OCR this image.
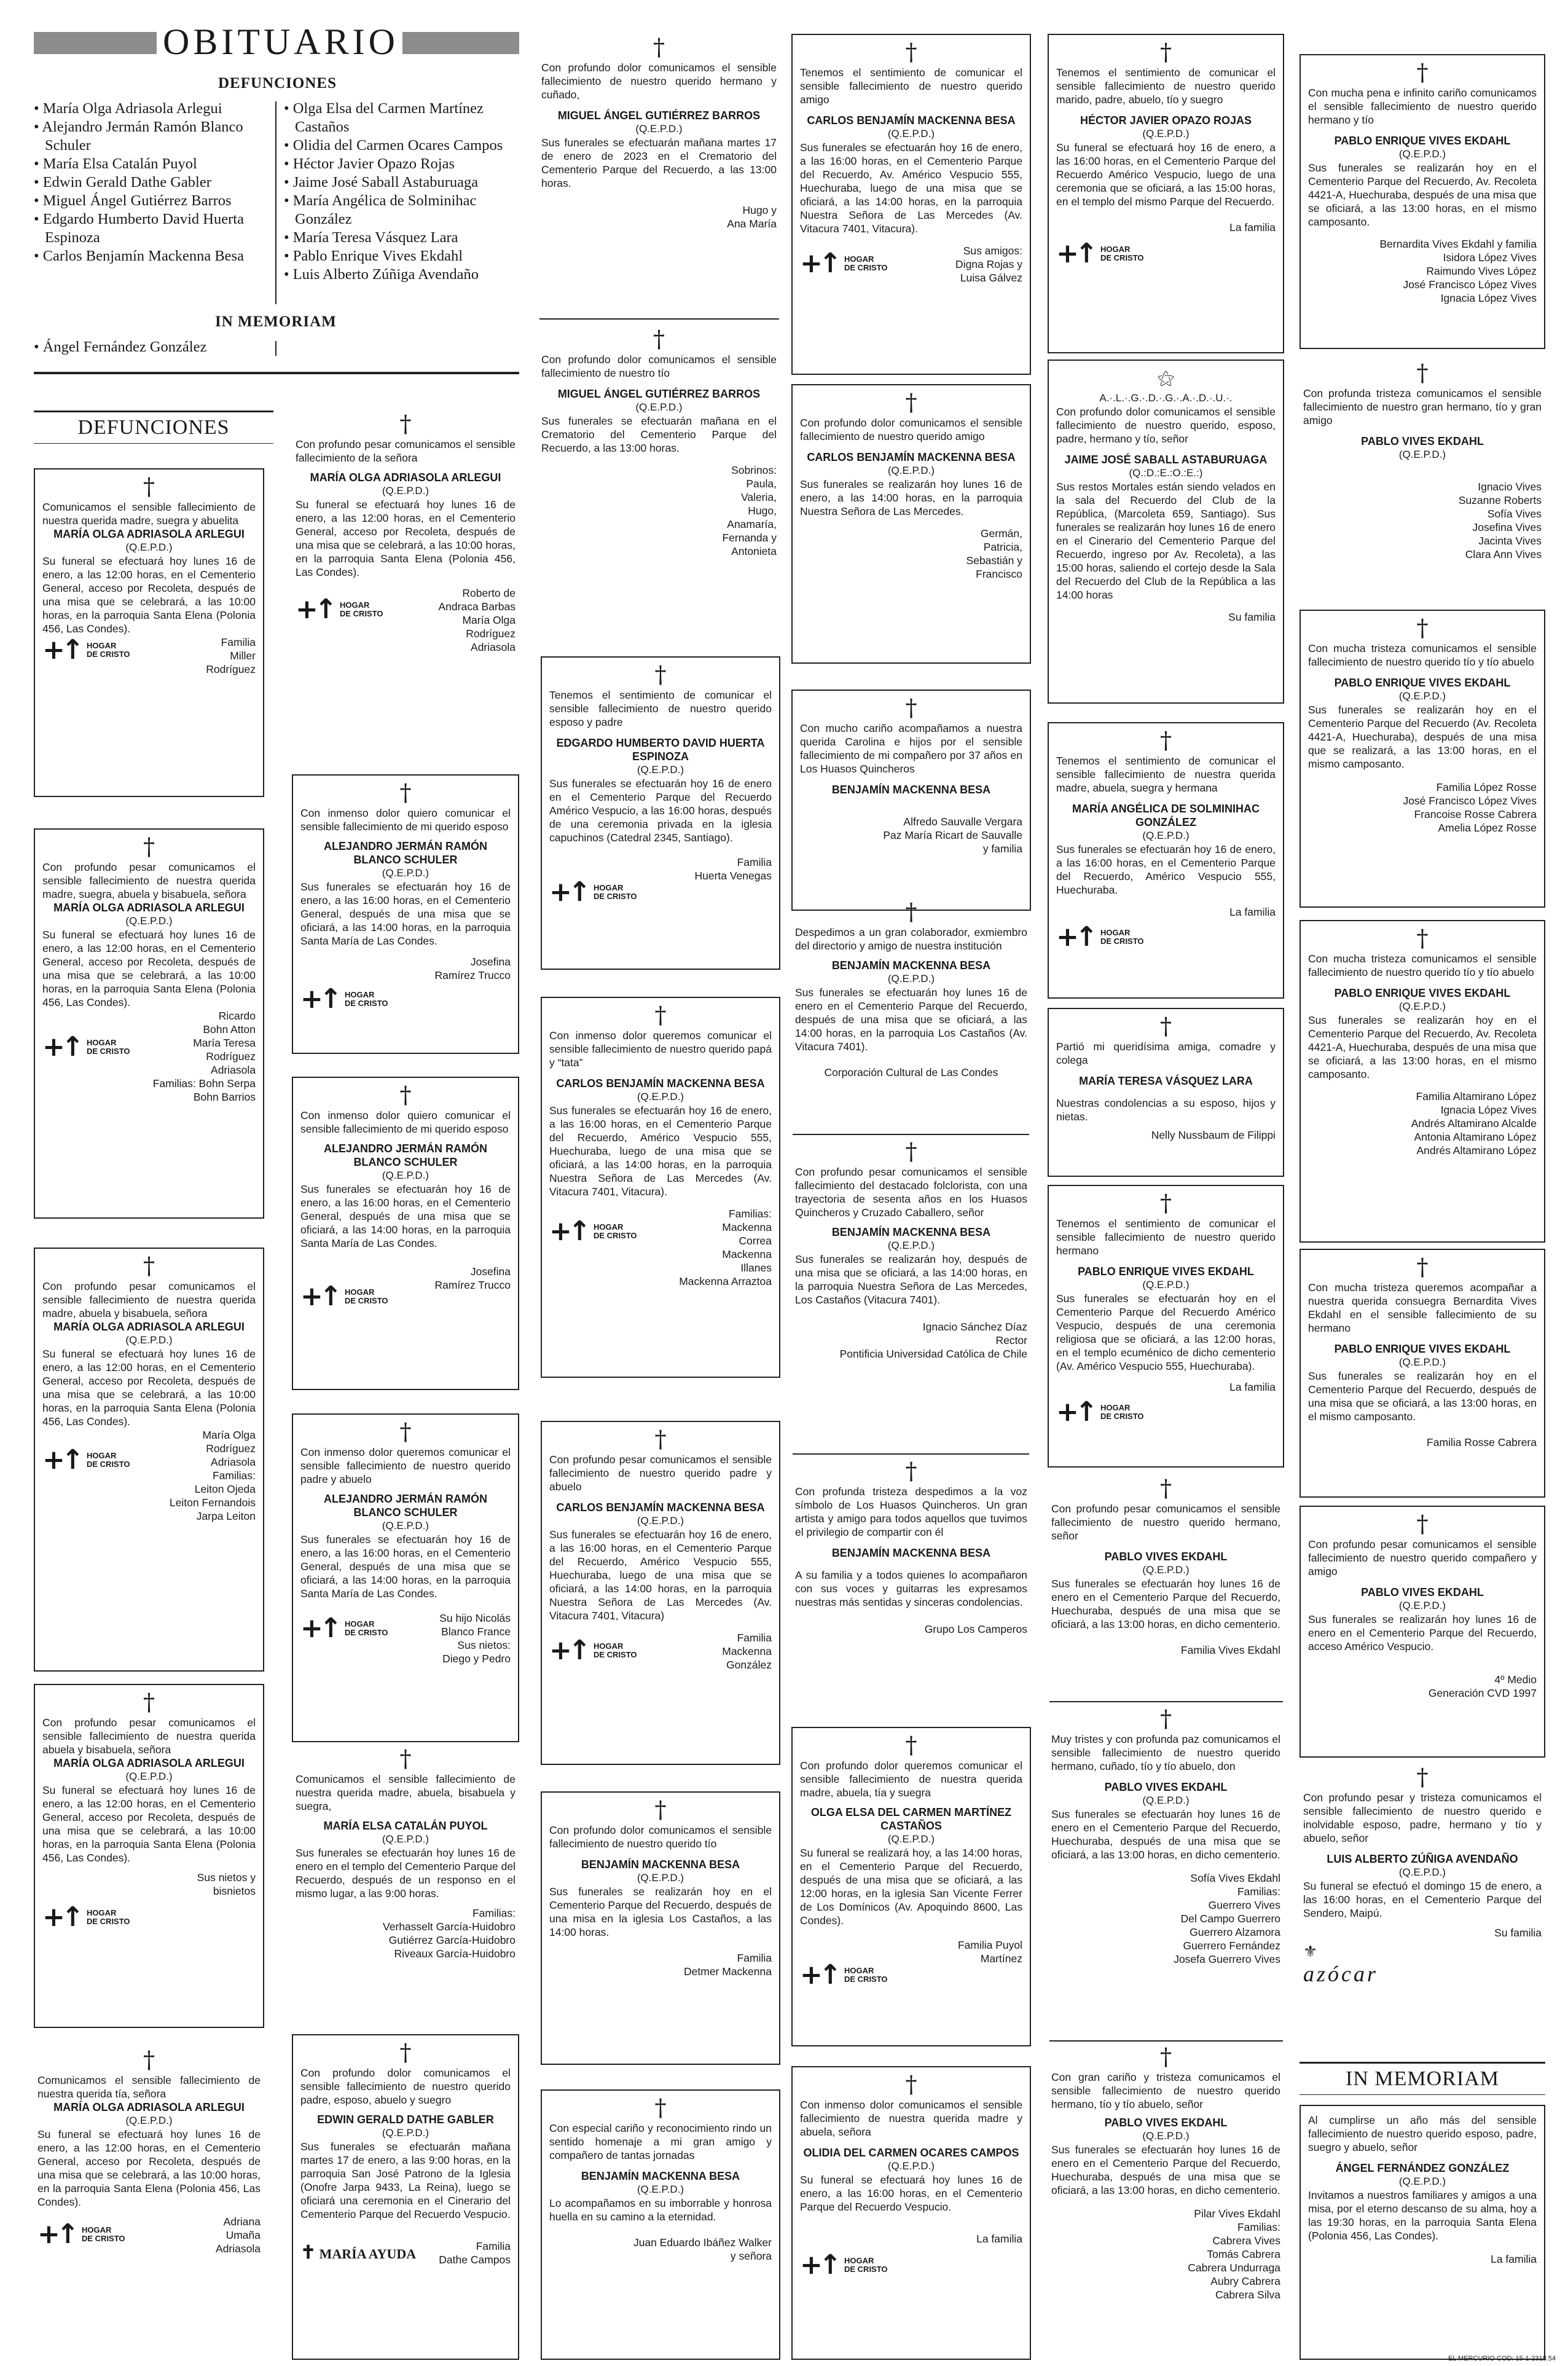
OBITUARIO
DEFUNCIONES
• María Olga Adriasola Arlegui
• Alejandro Jermán Ramón Blanco Schuler
• María Elsa Catalán Puyol
• Edwin Gerald Dathe Gabler
• Miguel Ángel Gutiérrez Barros
• Edgardo Humberto David Huerta Espinoza
• Carlos Benjamín Mackenna Besa
• Olga Elsa del Carmen Martínez Castaños
• Olidia del Carmen Ocares Campos
• Héctor Javier Opazo Rojas
• Jaime José Saball Astaburuaga
• María Angélica de Solminihac González
• María Teresa Vásquez Lara
• Pablo Enrique Vives Ekdahl
• Luis Alberto Zúñiga Avendaño
IN MEMORIAM
• Ángel Fernández González
DEFUNCIONES
IN MEMORIAM
†

Comunicamos el sensible fallecimiento de nuestra querida madre, suegra y abuelita

MARÍA OLGA ADRIASOLA ARLEGUI
(Q.E.P.D.)

Su funeral se efectuará hoy lunes 16 de enero, a las 12:00 horas, en el Cementerio General, acceso por Recoleta, después de una misa que se celebrará, a las 10:00 horas, en la parroquia Santa Elena (Polonia 456, Las Condes).

Familia
Miller
Rodríguez
+↑ HOGAR
DE CRISTO
†

Con profundo pesar comunicamos el sensible fallecimiento de nuestra querida madre, suegra, abuela y bisabuela, señora

MARÍA OLGA ADRIASOLA ARLEGUI
(Q.E.P.D.)

Su funeral se efectuará hoy lunes 16 de enero, a las 12:00 horas, en el Cementerio General, acceso por Recoleta, después de una misa que se celebrará, a las 10:00 horas, en la parroquia Santa Elena (Polonia 456, Las Condes).

Ricardo
Bohn Atton
María Teresa
Rodríguez
Adriasola
Familias: Bohn Serpa
Bohn Barrios
+↑ HOGAR
DE CRISTO
†

Con profundo pesar comunicamos el sensible fallecimiento de nuestra querida madre, abuela y bisabuela, señora

MARÍA OLGA ADRIASOLA ARLEGUI
(Q.E.P.D.)

Su funeral se efectuará hoy lunes 16 de enero, a las 12:00 horas, en el Cementerio General, acceso por Recoleta, después de una misa que se celebrará, a las 10:00 horas, en la parroquia Santa Elena (Polonia 456, Las Condes).

María Olga
Rodríguez
Adriasola
Familias:
Leiton Ojeda
Leiton Fernandois
Jarpa Leiton
+↑ HOGAR
DE CRISTO
†

Con profundo pesar comunicamos el sensible fallecimiento de nuestra querida abuela y bisabuela, señora

MARÍA OLGA ADRIASOLA ARLEGUI
(Q.E.P.D.)

Su funeral se efectuará hoy lunes 16 de enero, a las 12:00 horas, en el Cementerio General, acceso por Recoleta, después de una misa que se celebrará, a las 10:00 horas, en la parroquia Santa Elena (Polonia 456, Las Condes).

Sus nietos y
bisnietos
+↑ HOGAR
DE CRISTO
†

Comunicamos el sensible fallecimiento de nuestra querida tía, señora

MARÍA OLGA ADRIASOLA ARLEGUI
(Q.E.P.D.)

Su funeral se efectuará hoy lunes 16 de enero, a las 12:00 horas, en el Cementerio General, acceso por Recoleta, después de una misa que se celebrará, a las 10:00 horas, en la parroquia Santa Elena (Polonia 456, Las Condes).

Adriana
Umaña
Adriasola
+↑ HOGAR
DE CRISTO
†

Con profundo pesar comunicamos el sensible fallecimiento de la señora

MARÍA OLGA ADRIASOLA ARLEGUI
(Q.E.P.D.)

Su funeral se efectuará hoy lunes 16 de enero, a las 12:00 horas, en el Cementerio General, acceso por Recoleta, después de una misa que se celebrará, a las 10:00 horas, en la parroquia Santa Elena (Polonia 456, Las Condes).

Roberto de
Andraca Barbas
María Olga
Rodríguez
Adriasola
+↑ HOGAR
DE CRISTO
†

Con inmenso dolor quiero comunicar el sensible fallecimiento de mi querido esposo

ALEJANDRO JERMÁN RAMÓN BLANCO SCHULER
(Q.E.P.D.)

Sus funerales se efectuarán hoy 16 de enero, a las 16:00 horas, en el Cementerio General, después de una misa que se oficiará, a las 14:00 horas, en la parroquia Santa María de Las Condes.

Josefina
Ramírez Trucco
+↑ HOGAR
DE CRISTO
†

Con inmenso dolor quiero comunicar el sensible fallecimiento de mi querido esposo

ALEJANDRO JERMÁN RAMÓN BLANCO SCHULER
(Q.E.P.D.)

Sus funerales se efectuarán hoy 16 de enero, a las 16:00 horas, en el Cementerio General, después de una misa que se oficiará, a las 14:00 horas, en la parroquia Santa María de Las Condes.

Josefina
Ramírez Trucco
+↑ HOGAR
DE CRISTO
†

Con inmenso dolor queremos comunicar el sensible fallecimiento de nuestro querido padre y abuelo

ALEJANDRO JERMÁN RAMÓN BLANCO SCHULER
(Q.E.P.D.)

Sus funerales se efectuarán hoy 16 de enero, a las 16:00 horas, en el Cementerio General, después de una misa que se oficiará, a las 14:00 horas, en la parroquia Santa María de Las Condes.

Su hijo Nicolás
Blanco France
Sus nietos:
Diego y Pedro
+↑ HOGAR
DE CRISTO
†

Comunicamos el sensible fallecimiento de nuestra querida madre, abuela, bisabuela y suegra,

MARÍA ELSA CATALÁN PUYOL
(Q.E.P.D.)

Sus funerales se efectuarán hoy lunes 16 de enero en el templo del Cementerio Parque del Recuerdo, después de un responso en el mismo lugar, a las 9:00 horas.

Familias:
Verhasselt García-Huidobro
Gutiérrez García-Huidobro
Riveaux García-Huidobro
†

Con profundo dolor comunicamos el sensible fallecimiento de nuestro querido padre, esposo, abuelo y suegro

EDWIN GERALD DATHE GABLER
(Q.E.P.D.)

Sus funerales se efectuarán mañana martes 17 de enero, a las 9:00 horas, en la parroquia San José Patrono de la Iglesia (Onofre Jarpa 9433, La Reina), luego se oficiará una ceremonia en el Cinerario del Cementerio Parque del Recuerdo Vespucio.

Familia
Dathe Campos
✝ MARÍA AYUDA
†

Con profundo dolor comunicamos el sensible fallecimiento de nuestro querido hermano y cuñado,

MIGUEL ÁNGEL GUTIÉRREZ BARROS
(Q.E.P.D.)

Sus funerales se efectuarán mañana martes 17 de enero de 2023 en el Crematorio del Cementerio Parque del Recuerdo, a las 13:00 horas.

Hugo y
Ana María
†

Con profundo dolor comunicamos el sensible fallecimiento de nuestro tío

MIGUEL ÁNGEL GUTIÉRREZ BARROS
(Q.E.P.D.)

Sus funerales se efectuarán mañana en el Crematorio del Cementerio Parque del Recuerdo, a las 13:00 horas.

Sobrinos:
Paula,
Valeria,
Hugo,
Anamaría,
Fernanda y
Antonieta
†

Tenemos el sentimiento de comunicar el sensible fallecimiento de nuestro querido esposo y padre

EDGARDO HUMBERTO DAVID HUERTA ESPINOZA
(Q.E.P.D.)

Sus funerales se efectuarán hoy 16 de enero en el Cementerio Parque del Recuerdo Américo Vespucio, a las 16:00 horas, después de una ceremonia privada en la iglesia capuchinos (Catedral 2345, Santiago).

Familia
Huerta Venegas
+↑ HOGAR
DE CRISTO
†

Con inmenso dolor queremos comunicar el sensible fallecimiento de nuestro querido papá y “tata”

CARLOS BENJAMÍN MACKENNA BESA
(Q.E.P.D.)

Sus funerales se efectuarán hoy 16 de enero, a las 16:00 horas, en el Cementerio Parque del Recuerdo, Américo Vespucio 555, Huechuraba, luego de una misa que se oficiará, a las 14:00 horas, en la parroquia Nuestra Señora de Las Mercedes (Av. Vitacura 7401, Vitacura).

Familias:
Mackenna
Correa
Mackenna
Illanes
Mackenna Arraztoa
+↑ HOGAR
DE CRISTO
†

Con profundo pesar comunicamos el sensible fallecimiento de nuestro querido padre y abuelo

CARLOS BENJAMÍN MACKENNA BESA
(Q.E.P.D.)

Sus funerales se efectuarán hoy 16 de enero, a las 16:00 horas, en el Cementerio Parque del Recuerdo, Américo Vespucio 555, Huechuraba, luego de una misa que se oficiará, a las 14:00 horas, en la parroquia Nuestra Señora de Las Mercedes (Av. Vitacura 7401, Vitacura)

Familia
Mackenna
González
+↑ HOGAR
DE CRISTO
†

Con profundo dolor comunicamos el sensible fallecimiento de nuestro querido tío

BENJAMÍN MACKENNA BESA
(Q.E.P.D.)

Sus funerales se realizarán hoy en el Cementerio Parque del Recuerdo, después de una misa en la iglesia Los Castaños, a las 14:00 horas.

Familia
Detmer Mackenna
†

Con especial cariño y reconocimiento rindo un sentido homenaje a mi gran amigo y compañero de tantas jornadas

BENJAMÍN MACKENNA BESA
(Q.E.P.D.)

Lo acompañamos en su imborrable y honrosa huella en su camino a la eternidad.

Juan Eduardo Ibáñez Walker
y señora
†

Tenemos el sentimiento de comunicar el sensible fallecimiento de nuestro querido amigo

CARLOS BENJAMÍN MACKENNA BESA
(Q.E.P.D.)

Sus funerales se efectuarán hoy 16 de enero, a las 16:00 horas, en el Cementerio Parque del Recuerdo, Av. Américo Vespucio 555, Huechuraba, luego de una misa que se oficiará, a las 14:00 horas, en la parroquia Nuestra Señora de Las Mercedes (Av. Vitacura 7401, Vitacura).

Sus amigos:
Digna Rojas y
Luisa Gálvez
+↑ HOGAR
DE CRISTO
†

Con profundo dolor comunicamos el sensible fallecimiento de nuestro querido amigo

CARLOS BENJAMÍN MACKENNA BESA
(Q.E.P.D.)

Sus funerales se realizarán hoy lunes 16 de enero, a las 14:00 horas, en la parroquia Nuestra Señora de Las Mercedes.

Germán,
Patricia,
Sebastián y
Francisco
†

Con mucho cariño acompañamos a nuestra querida Carolina e hijos por el sensible fallecimiento de mi compañero por 37 años en Los Huasos Quincheros

BENJAMÍN MACKENNA BESA
Alfredo Sauvalle Vergara
Paz María Ricart de Sauvalle
y familia
†

Despedimos a un gran colaborador, exmiembro del directorio y amigo de nuestra institución

BENJAMÍN MACKENNA BESA
(Q.E.P.D.)

Sus funerales se efectuarán hoy lunes 16 de enero en el Cementerio Parque del Recuerdo, después de una misa que se oficiará, a las 14:00 horas, en la parroquia Los Castaños (Av. Vitacura 7401).

Corporación Cultural de Las Condes
†

Con profundo pesar comunicamos el sensible fallecimiento del destacado folclorista, con una trayectoria de sesenta años en los Huasos Quincheros y Cruzado Caballero, señor

BENJAMÍN MACKENNA BESA
(Q.E.P.D.)

Sus funerales se realizarán hoy, después de una misa que se oficiará, a las 14:00 horas, en la parroquia Nuestra Señora de Las Mercedes, Los Castaños (Vitacura 7401).

Ignacio Sánchez Díaz
Rector
Pontificia Universidad Católica de Chile
†

Con profunda tristeza despedimos a la voz símbolo de Los Huasos Quincheros. Un gran artista y amigo para todos aquellos que tuvimos el privilegio de compartir con él

BENJAMÍN MACKENNA BESA

A su familia y a todos quienes lo acompañaron con sus voces y guitarras les expresamos nuestras más sentidas y sinceras condolencias.

Grupo Los Camperos
†

Con profundo dolor queremos comunicar el sensible fallecimiento de nuestra querida madre, abuela, tía y suegra

OLGA ELSA DEL CARMEN MARTÍNEZ CASTAÑOS
(Q.E.P.D.)

Su funeral se realizará hoy, a las 14:00 horas, en el Cementerio Parque del Recuerdo, después de una misa que se oficiará, a las 12:00 horas, en la iglesia San Vicente Ferrer de Los Domínicos (Av. Apoquindo 8600, Las Condes).

Familia Puyol
Martínez
+↑ HOGAR
DE CRISTO
†

Con inmenso dolor comunicamos el sensible fallecimiento de nuestra querida madre y abuela, señora

OLIDIA DEL CARMEN OCARES CAMPOS
(Q.E.P.D.)

Su funeral se efectuará hoy lunes 16 de enero, a las 16:00 horas, en el Cementerio Parque del Recuerdo Vespucio.

La familia
+↑ HOGAR
DE CRISTO
†

Tenemos el sentimiento de comunicar el sensible fallecimiento de nuestro querido marido, padre, abuelo, tío y suegro

HÉCTOR JAVIER OPAZO ROJAS
(Q.E.P.D.)

Su funeral se efectuará hoy 16 de enero, a las 16:00 horas, en el Cementerio Parque del Recuerdo Américo Vespucio, luego de una ceremonia que se oficiará, a las 15:00 horas, en el templo del mismo Parque del Recuerdo.

La familia
+↑ HOGAR
DE CRISTO
⚝
A.·.L.·.G.·.D.·.G.·.A.·.D.·.U.·.

Con profundo dolor comunicamos el sensible fallecimiento de nuestro querido, esposo, padre, hermano y tío, señor

JAIME JOSÉ SABALL ASTABURUAGA
(Q.:D.:E.:O.:E.:)

Sus restos Mortales están siendo velados en la sala del Recuerdo del Club de la República, (Marcoleta 659, Santiago). Sus funerales se realizarán hoy lunes 16 de enero en el Cinerario del Cementerio Parque del Recuerdo, ingreso por Av. Recoleta), a las 15:00 horas, saliendo el cortejo desde la Sala del Recuerdo del Club de la República a las 14:00 horas

Su familia
†

Tenemos el sentimiento de comunicar el sensible fallecimiento de nuestra querida madre, abuela, suegra y hermana

MARÍA ANGÉLICA DE SOLMINIHAC GONZÁLEZ
(Q.E.P.D.)

Sus funerales se efectuarán hoy 16 de enero, a las 16:00 horas, en el Cementerio Parque del Recuerdo, Américo Vespucio 555, Huechuraba.

La familia
+↑ HOGAR
DE CRISTO
†

Partió mi queridísima amiga, comadre y colega

MARÍA TERESA VÁSQUEZ LARA

Nuestras condolencias a su esposo, hijos y nietas.

Nelly Nussbaum de Filippi
†

Tenemos el sentimiento de comunicar el sensible fallecimiento de nuestro querido hermano

PABLO ENRIQUE VIVES EKDAHL
(Q.E.P.D.)

Sus funerales se efectuarán hoy en el Cementerio Parque del Recuerdo Américo Vespucio, después de una ceremonia religiosa que se oficiará, a las 12:00 horas, en el templo ecuménico de dicho cementerio (Av. Américo Vespucio 555, Huechuraba).

La familia
+↑ HOGAR
DE CRISTO
†

Con profundo pesar comunicamos el sensible fallecimiento de nuestro querido hermano, señor

PABLO VIVES EKDAHL
(Q.E.P.D.)

Sus funerales se efectuarán hoy lunes 16 de enero en el Cementerio Parque del Recuerdo, Huechuraba, después de una misa que se oficiará, a las 13:00 horas, en dicho cementerio.

Familia Vives Ekdahl
†

Muy tristes y con profunda paz comunicamos el sensible fallecimiento de nuestro querido hermano, cuñado, tío y tío abuelo, don

PABLO VIVES EKDAHL
(Q.E.P.D.)

Sus funerales se efectuarán hoy lunes 16 de enero en el Cementerio Parque del Recuerdo, Huechuraba, después de una misa que se oficiará, a las 13:00 horas, en dicho cementerio.

Sofía Vives Ekdahl
Familias:
Guerrero Vives
Del Campo Guerrero
Guerrero Alzamora
Guerrero Fernández
Josefa Guerrero Vives
†

Con gran cariño y tristeza comunicamos el sensible fallecimiento de nuestro querido hermano, tío y tío abuelo, señor

PABLO VIVES EKDAHL
(Q.E.P.D.)

Sus funerales se efectuarán hoy lunes 16 de enero en el Cementerio Parque del Recuerdo, Huechuraba, después de una misa que se oficiará, a las 13:00 horas, en dicho cementerio.

Pilar Vives Ekdahl
Familias:
Cabrera Vives
Tomás Cabrera
Cabrera Undurraga
Aubry Cabrera
Cabrera Silva
†

Con mucha pena e infinito cariño comunicamos el sensible fallecimiento de nuestro querido hermano y tío

PABLO ENRIQUE VIVES EKDAHL
(Q.E.P.D.)

Sus funerales se realizarán hoy en el Cementerio Parque del Recuerdo, Av. Recoleta 4421-A, Huechuraba, después de una misa que se oficiará, a las 13:00 horas, en el mismo camposanto.

Bernardita Vives Ekdahl y familia
Isidora López Vives
Raimundo Vives López
José Francisco López Vives
Ignacia López Vives
†

Con profunda tristeza comunicamos el sensible fallecimiento de nuestro gran hermano, tío y gran amigo

PABLO VIVES EKDAHL
(Q.E.P.D.)
Ignacio Vives
Suzanne Roberts
Sofía Vives
Josefina Vives
Jacinta Vives
Clara Ann Vives
†

Con mucha tristeza comunicamos el sensible fallecimiento de nuestro querido tío y tío abuelo

PABLO ENRIQUE VIVES EKDAHL
(Q.E.P.D.)

Sus funerales se realizarán hoy en el Cementerio Parque del Recuerdo (Av. Recoleta 4421-A, Huechuraba), después de una misa que se realizará, a las 13:00 horas, en el mismo camposanto.

Familia López Rosse
José Francisco López Vives
Francoise Rosse Cabrera
Amelia López Rosse
†

Con mucha tristeza comunicamos el sensible fallecimiento de nuestro querido tío y tío abuelo

PABLO ENRIQUE VIVES EKDAHL
(Q.E.P.D.)

Sus funerales se realizarán hoy en el Cementerio Parque del Recuerdo, Av. Recoleta 4421-A, Huechuraba, después de una misa que se oficiará, a las 13:00 horas, en el mismo camposanto.

Familia Altamirano López
Ignacia López Vives
Andrés Altamirano Alcalde
Antonia Altamirano López
Andrés Altamirano López
†

Con mucha tristeza queremos acompañar a nuestra querida consuegra Bernardita Vives Ekdahl en el sensible fallecimiento de su hermano

PABLO ENRIQUE VIVES EKDAHL
(Q.E.P.D.)

Sus funerales se realizarán hoy en el Cementerio Parque del Recuerdo, después de una misa que se oficiará, a las 13:00 horas, en el mismo camposanto.

Familia Rosse Cabrera
†

Con profundo pesar comunicamos el sensible fallecimiento de nuestro querido compañero y amigo

PABLO VIVES EKDAHL
(Q.E.P.D.)

Sus funerales se realizarán hoy lunes 16 de enero en el Cementerio Parque del Recuerdo, acceso Américo Vespucio.

4º Medio
Generación CVD 1997
†

Con profundo pesar y tristeza comunicamos el sensible fallecimiento de nuestro querido e inolvidable esposo, padre, hermano y tío y abuelo, señor

LUIS ALBERTO ZÚÑIGA AVENDAÑO
(Q.E.P.D.)

Su funeral se efectuó el domingo 15 de enero, a las 16:00 horas, en el Cementerio Parque del Sendero, Maipú.

Su familia
⚜
azócar

Al cumplirse un año más del sensible fallecimiento de nuestro querido esposo, padre, suegro y abuelo, señor

ÁNGEL FERNÁNDEZ GONZÁLEZ
(Q.E.P.D.)

Invitamos a nuestros familiares y amigos a una misa, por el eterno descanso de su alma, hoy a las 19:30 horas, en la parroquia Santa Elena (Polonia 456, Las Condes).

La familia
EL MERCURIO COD: 15-1-2318.54
